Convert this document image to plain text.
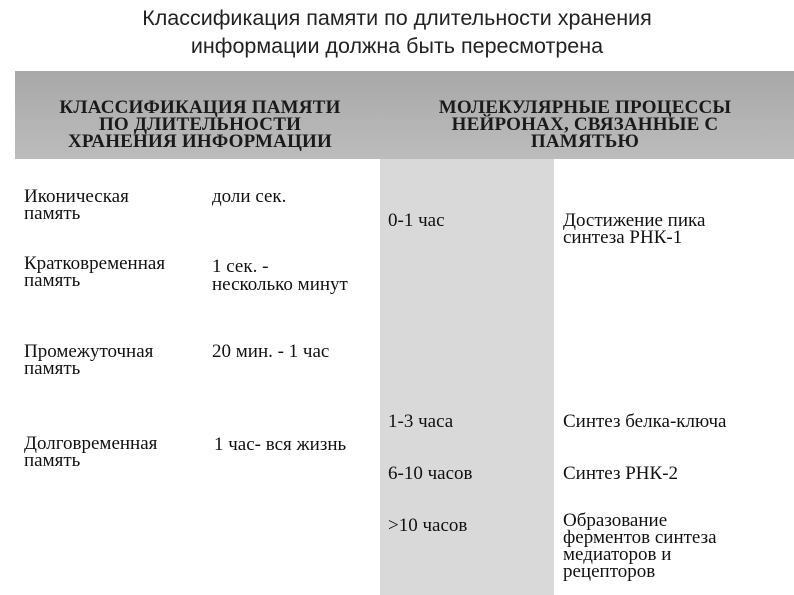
Классификация памяти по длительности хранения
информации должна быть пересмотрена
КЛАССИФИКАЦИЯ ПАМЯТИ
ПО ДЛИТЕЛЬНОСТИ
ХРАНЕНИЯ ИНФОРМАЦИИ
МОЛЕКУЛЯРНЫЕ ПРОЦЕССЫ
НЕЙРОНАХ, СВЯЗАННЫЕ С
ПАМЯТЬЮ
Иконическая
память
доли сек.
Кратковременная
память
1 сек. -
несколько минут
Промежуточная
память
20 мин. - 1 час
Долговременная
память
1 час- вся жизнь
0-1 час
1-3 часа
6-10 часов
>10 часов
Достижение пика
синтеза РНК-1
Синтез белка-ключа
Синтез РНК-2
Образование
ферментов синтеза
медиаторов и
рецепторов
